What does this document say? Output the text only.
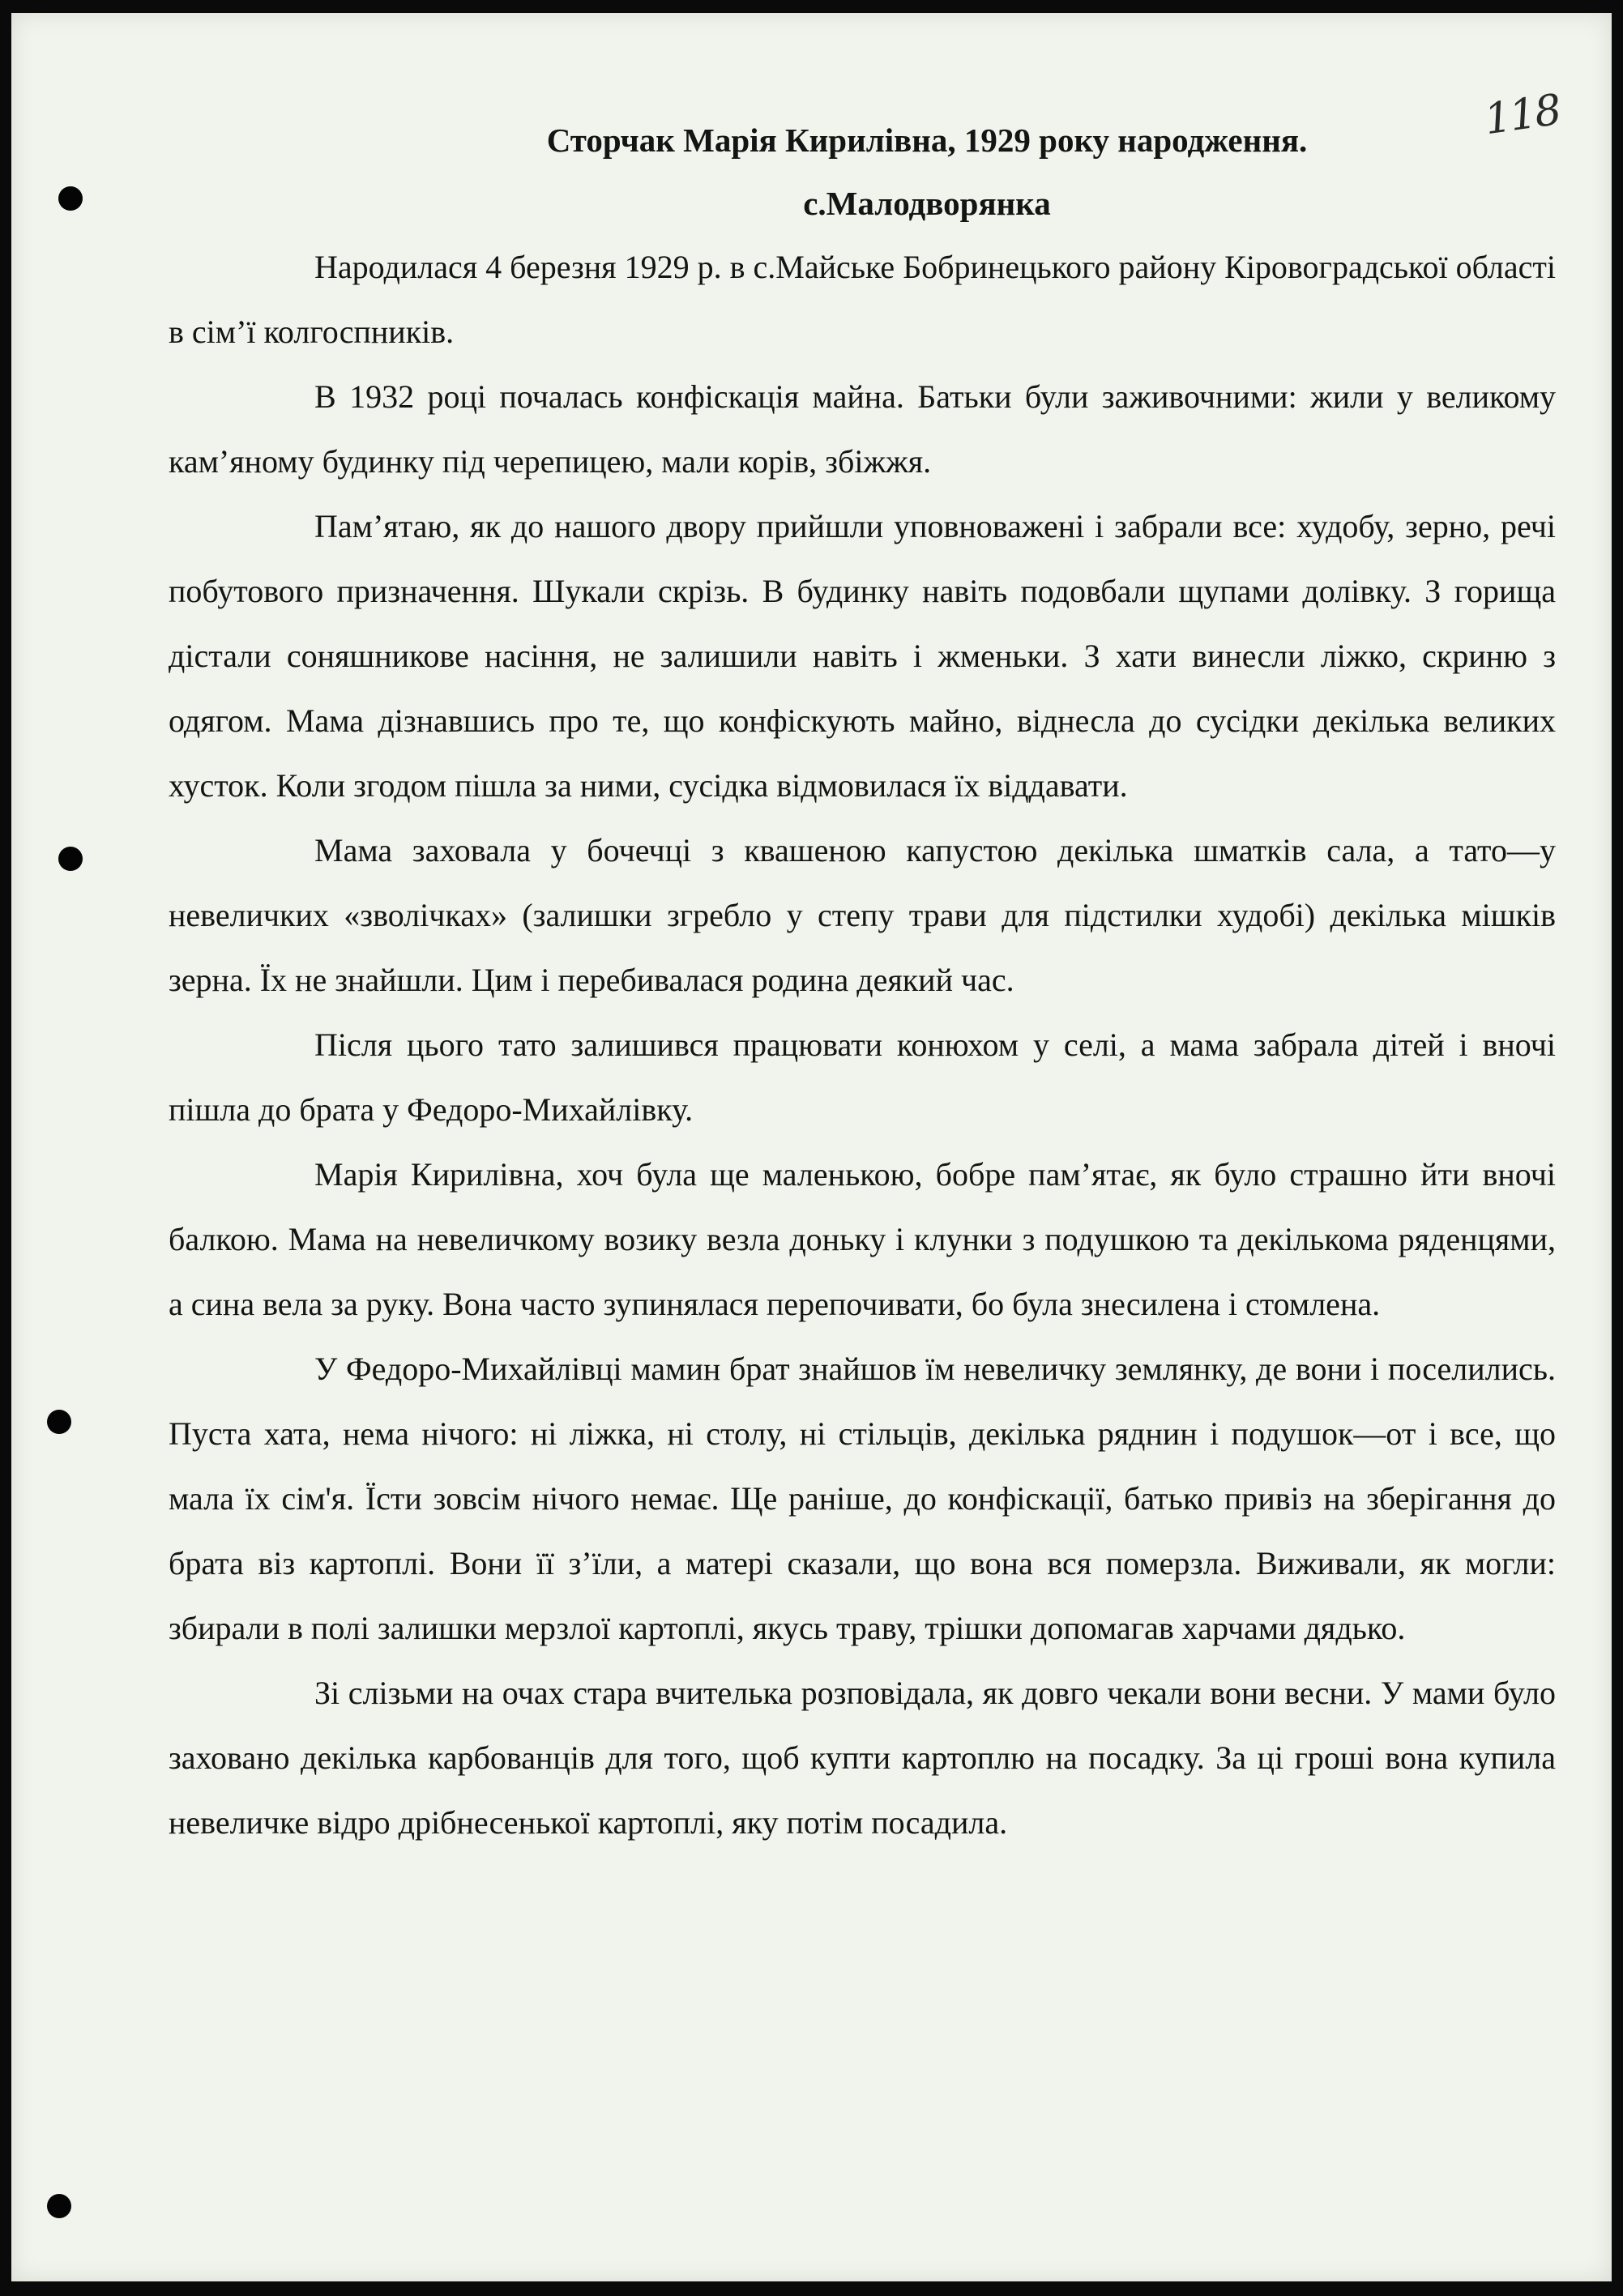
118

Сторчак Марія Кирилівна, 1929 року народження.

с.Малодворянка

Народилася 4 березня 1929 р. в с.Майське Бобринецького району Кіровоградської області в сім’ї колгоспників.

В 1932 році почалась конфіскація майна. Батьки були заживочними: жили у великому кам’яному будинку під черепицею, мали корів, збіжжя.

Пам’ятаю, як до нашого двору прийшли уповноважені і забрали все: худобу, зерно, речі побутового призначення. Шукали скрізь. В будинку навіть подовбали щупами долівку. З горища дістали соняшникове насіння, не залишили навіть і жменьки. З хати винесли ліжко, скриню з одягом. Мама дізнавшись про те, що конфіскують майно, віднесла до сусідки декілька великих хусток. Коли згодом пішла за ними, сусідка відмовилася їх віддавати.

Мама заховала у бочечці з квашеною капустою декілька шматків сала, а тато—у невеличких «зволічках» (залишки згребло у степу трави для підстилки худобі) декілька мішків зерна. Їх не знайшли. Цим і перебивалася родина деякий час.

Після цього тато залишився працювати конюхом у селі, а мама забрала дітей і вночі пішла до брата у Федоро-Михайлівку.

Марія Кирилівна, хоч була ще маленькою, бобре пам’ятає, як було страшно йти вночі балкою. Мама на невеличкому возику везла доньку і клунки з подушкою та декількома ряденцями, а сина вела за руку. Вона часто зупинялася перепочивати, бо була знесилена і стомлена.

У Федоро-Михайлівці мамин брат знайшов їм невеличку землянку, де вони і поселились. Пуста хата, нема нічого: ні ліжка, ні столу, ні стільців, декілька ряднин і подушок—от і все, що мала їх сім'я. Їсти зовсім нічого немає. Ще раніше, до конфіскації, батько привіз на зберігання до брата віз картоплі. Вони її з’їли, а матері сказали, що вона вся померзла. Виживали, як могли: збирали в полі залишки мерзлої картоплі, якусь траву, трішки допомагав харчами дядько.

Зі слізьми на очах стара вчителька розповідала, як довго чекали вони весни. У мами було заховано декілька карбованців для того, щоб купти картоплю на посадку. За ці гроші вона купила невеличке відро дрібнесенької картоплі, яку потім посадила.
